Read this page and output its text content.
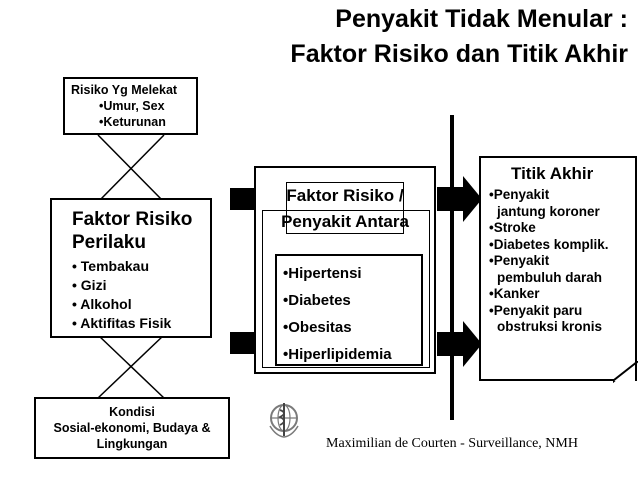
Penyakit Tidak Menular :
Faktor Risiko dan Titik Akhir
Risiko Yg Melekat
•Umur, Sex
•Keturunan
Faktor Risiko
Perilaku
• Tembakau
• Gizi
• Alkohol
• Aktifitas Fisik
Kondisi
Sosial-ekonomi, Budaya &
Lingkungan
Faktor Risiko /
Penyakit Antara
•Hipertensi
•Diabetes
•Obesitas
•Hiperlipidemia
Titik Akhir
•Penyakit
jantung koroner
•Stroke
•Diabetes komplik.
•Penyakit
pembuluh darah
•Kanker
•Penyakit paru
obstruksi kronis
Maximilian de Courten - Surveillance, NMH
